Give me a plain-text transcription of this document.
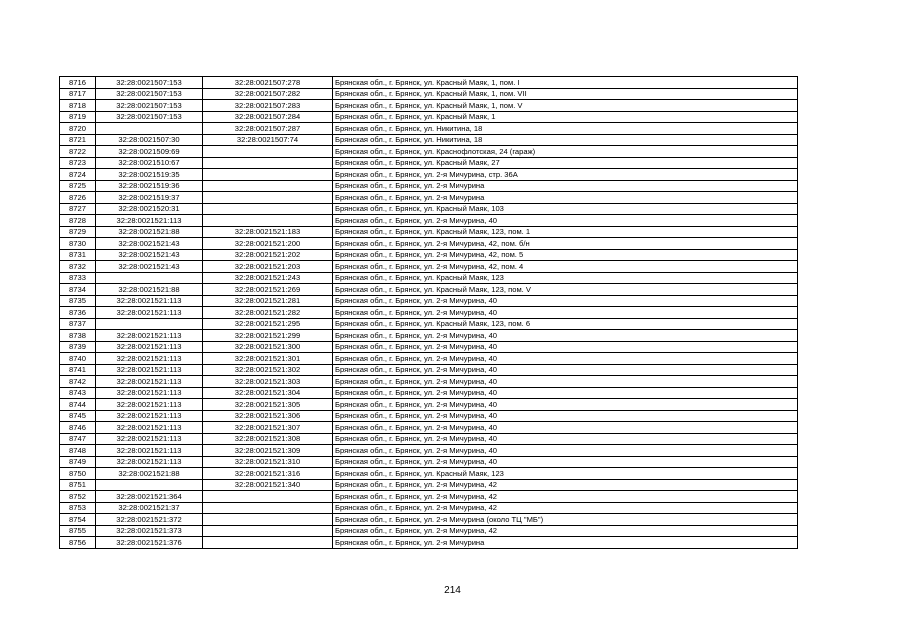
8716	32:28:0021507:153	32:28:0021507:278	Брянская обл., г. Брянск, ул. Красный Маяк, 1, пом. I
8717	32:28:0021507:153	32:28:0021507:282	Брянская обл., г. Брянск, ул. Красный Маяк, 1, пом. VII
8718	32:28:0021507:153	32:28:0021507:283	Брянская обл., г. Брянск, ул. Красный Маяк, 1, пом. V
8719	32:28:0021507:153	32:28:0021507:284	Брянская обл., г. Брянск, ул. Красный Маяк, 1
8720		32:28:0021507:287	Брянская обл., г. Брянск, ул. Никитина, 18
8721	32:28:0021507:30	32:28:0021507:74	Брянская обл., г. Брянск, ул. Никитина, 18
8722	32:28:0021509:69		Брянская обл., г. Брянск, ул. Краснофлотская, 24 (гараж)
8723	32:28:0021510:67		Брянская обл., г. Брянск, ул. Красный Маяк, 27
8724	32:28:0021519:35		Брянская обл., г. Брянск, ул. 2-я Мичурина, стр. 36А
8725	32:28:0021519:36		Брянская обл., г. Брянск, ул. 2-я Мичурина
8726	32:28:0021519:37		Брянская обл., г. Брянск, ул. 2-я Мичурина
8727	32:28:0021520:31		Брянская обл., г. Брянск, ул. Красный Маяк, 103
8728	32:28:0021521:113		Брянская обл., г. Брянск, ул. 2-я Мичурина, 40
8729	32:28:0021521:88	32:28:0021521:183	Брянская обл., г. Брянск, ул. Красный Маяк, 123, пом. 1
8730	32:28:0021521:43	32:28:0021521:200	Брянская обл., г. Брянск, ул. 2-я Мичурина, 42, пом. б/н
8731	32:28:0021521:43	32:28:0021521:202	Брянская обл., г. Брянск, ул. 2-я Мичурина, 42, пом. 5
8732	32:28:0021521:43	32:28:0021521:203	Брянская обл., г. Брянск, ул. 2-я Мичурина, 42, пом. 4
8733		32:28:0021521:243	Брянская обл., г. Брянск, ул. Красный Маяк, 123
8734	32:28:0021521:88	32:28:0021521:269	Брянская обл., г. Брянск, ул. Красный Маяк, 123, пом. V
8735	32:28:0021521:113	32:28:0021521:281	Брянская обл., г. Брянск, ул. 2-я Мичурина, 40
8736	32:28:0021521:113	32:28:0021521:282	Брянская обл., г. Брянск, ул. 2-я Мичурина, 40
8737		32:28:0021521:295	Брянская обл., г. Брянск, ул. Красный Маяк, 123, пом. 6
8738	32:28:0021521:113	32:28:0021521:299	Брянская обл., г. Брянск, ул. 2-я Мичурина, 40
8739	32:28:0021521:113	32:28:0021521:300	Брянская обл., г. Брянск, ул. 2-я Мичурина, 40
8740	32:28:0021521:113	32:28:0021521:301	Брянская обл., г. Брянск, ул. 2-я Мичурина, 40
8741	32:28:0021521:113	32:28:0021521:302	Брянская обл., г. Брянск, ул. 2-я Мичурина, 40
8742	32:28:0021521:113	32:28:0021521:303	Брянская обл., г. Брянск, ул. 2-я Мичурина, 40
8743	32:28:0021521:113	32:28:0021521:304	Брянская обл., г. Брянск, ул. 2-я Мичурина, 40
8744	32:28:0021521:113	32:28:0021521:305	Брянская обл., г. Брянск, ул. 2-я Мичурина, 40
8745	32:28:0021521:113	32:28:0021521:306	Брянская обл., г. Брянск, ул. 2-я Мичурина, 40
8746	32:28:0021521:113	32:28:0021521:307	Брянская обл., г. Брянск, ул. 2-я Мичурина, 40
8747	32:28:0021521:113	32:28:0021521:308	Брянская обл., г. Брянск, ул. 2-я Мичурина, 40
8748	32:28:0021521:113	32:28:0021521:309	Брянская обл., г. Брянск, ул. 2-я Мичурина, 40
8749	32:28:0021521:113	32:28:0021521:310	Брянская обл., г. Брянск, ул. 2-я Мичурина, 40
8750	32:28:0021521:88	32:28:0021521:316	Брянская обл., г. Брянск, ул. Красный Маяк, 123
8751		32:28:0021521:340	Брянская обл., г. Брянск, ул. 2-я Мичурина, 42
8752	32:28:0021521:364		Брянская обл., г. Брянск, ул. 2-я Мичурина, 42
8753	32:28:0021521:37		Брянская обл., г. Брянск, ул. 2-я Мичурина, 42
8754	32:28:0021521:372		Брянская обл., г. Брянск, ул. 2-я Мичурина (около ТЦ "МБ")
8755	32:28:0021521:373		Брянская обл., г. Брянск, ул. 2-я Мичурина, 42
8756	32:28:0021521:376		Брянская обл., г. Брянск, ул. 2-я Мичурина
214
